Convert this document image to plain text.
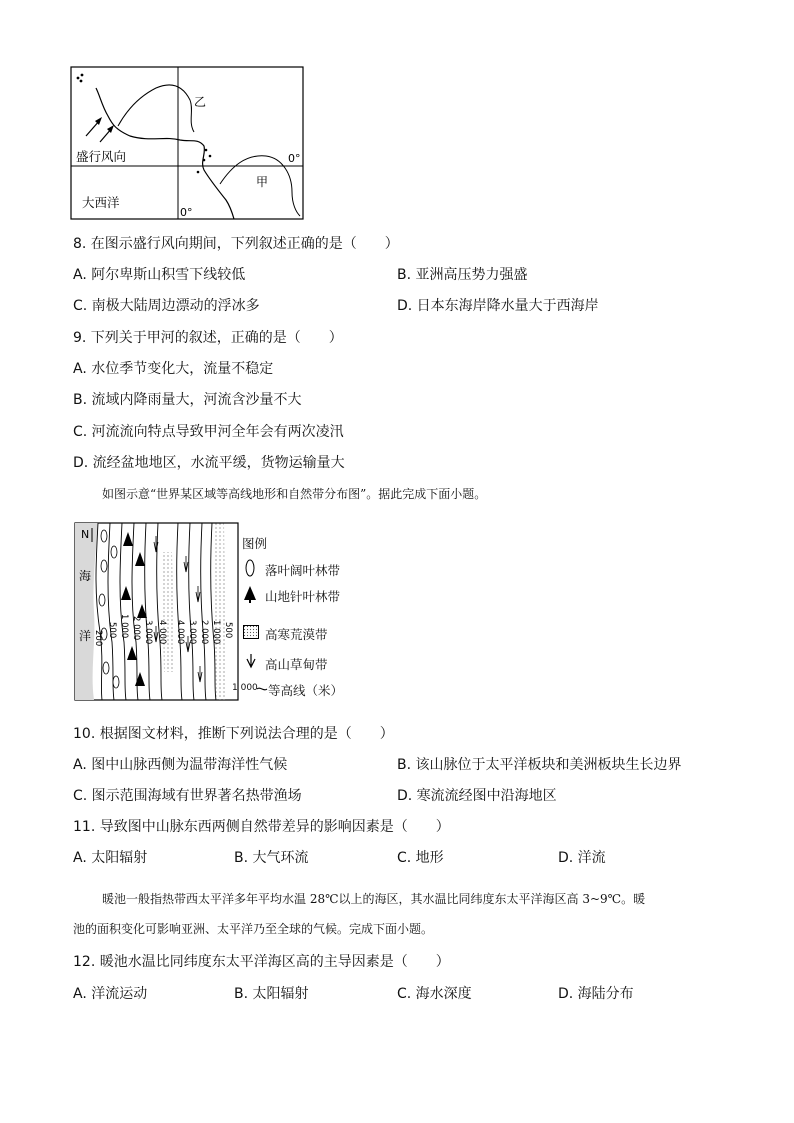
盛行风向
大西洋
乙
甲
0°
0°
8. 在图示盛行风向期间，下列叙述正确的是（　　）
A. 阿尔卑斯山积雪下线较低	B. 亚洲高压势力强盛
C. 南极大陆周边漂动的浮冰多	D. 日本东海岸降水量大于西海岸
9. 下列关于甲河的叙述，正确的是（　　）
A. 水位季节变化大，流量不稳定
B. 流域内降雨量大，河流含沙量不大
C. 河流流向特点导致甲河全年会有两次凌汛
D. 流经盆地地区，水流平缓，货物运输量大
如图示意“世界某区域等高线地形和自然带分布图”。据此完成下面小题。
N
海
洋 200 500 1 000 2 000 3 000 4 000 4 000 3 000 2 000 1 000 500
图例
落叶阔叶林带
山地针叶林带
高寒荒漠带
高山草甸带
1 000 等高线（米）
10. 根据图文材料，推断下列说法合理的是（　　）
A. 图中山脉西侧为温带海洋性气候	B. 该山脉位于太平洋板块和美洲板块生长边界
C. 图示范围海域有世界著名热带渔场	D. 寒流流经图中沿海地区
11. 导致图中山脉东西两侧自然带差异的影响因素是（　　）
A. 太阳辐射	B. 大气环流	C. 地形	D. 洋流
暖池一般指热带西太平洋多年平均水温 28℃以上的海区，其水温比同纬度东太平洋海区高 3~9℃。暖
池的面积变化可影响亚洲、太平洋乃至全球的气候。完成下面小题。
12. 暖池水温比同纬度东太平洋海区高的主导因素是（　　）
A. 洋流运动	B. 太阳辐射	C. 海水深度	D. 海陆分布
